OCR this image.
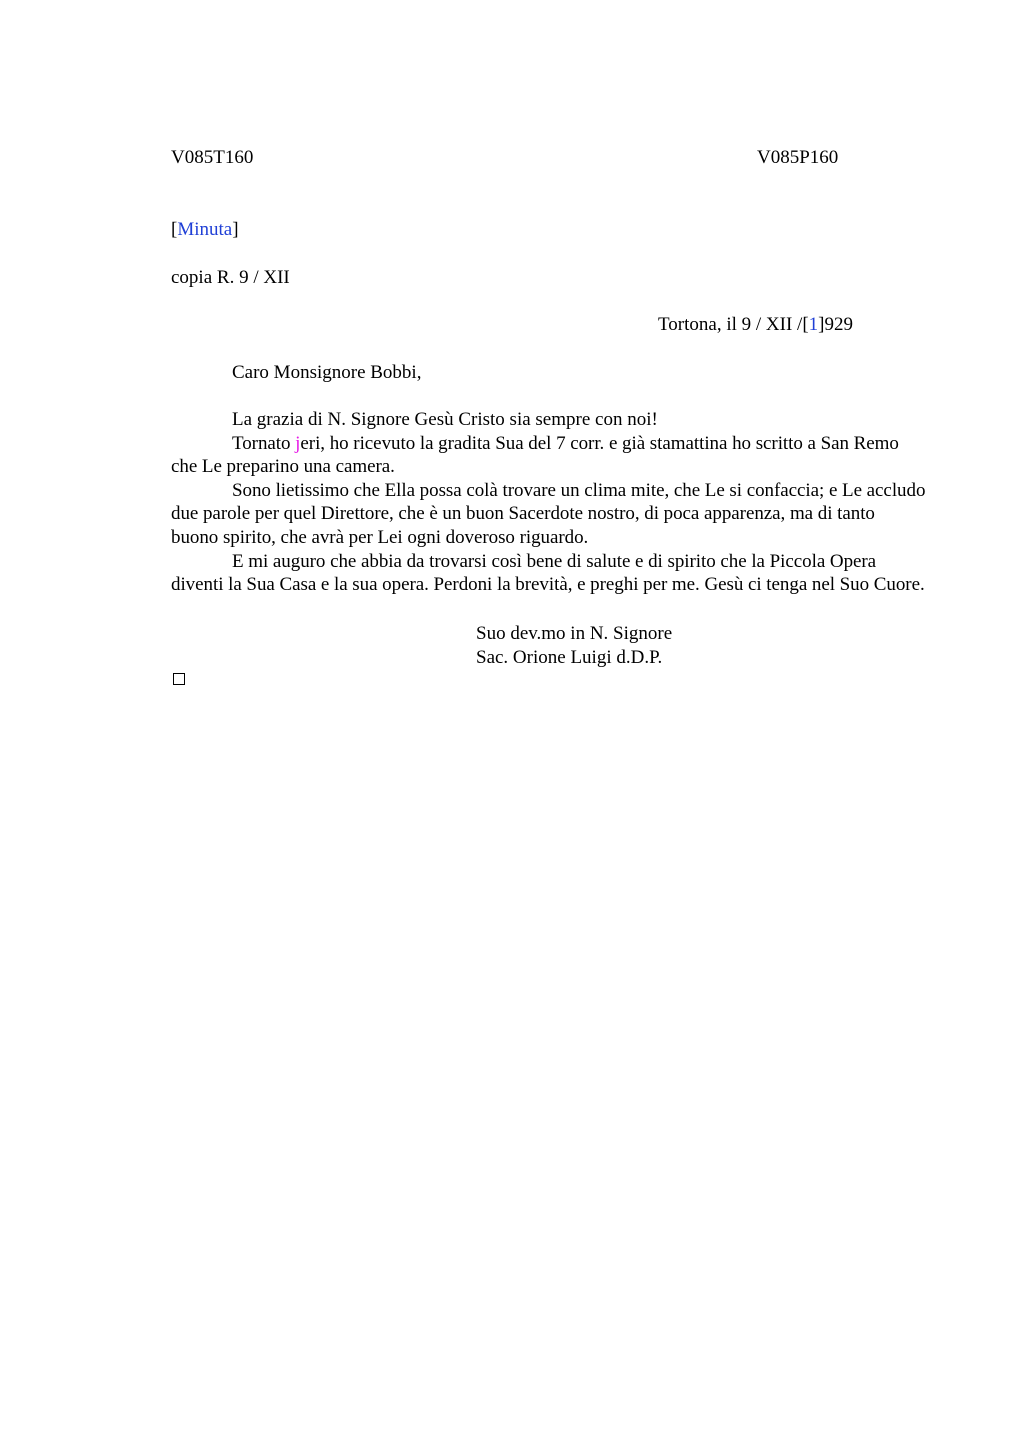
V085T160	V085P160
[Minuta]
copia R. 9 / XII
Tortona, il 9 / XII /[1]929
Caro Monsignore Bobbi,

La grazia di N. Signore Gesù Cristo sia sempre con noi!

Tornato jeri, ho ricevuto la gradita Sua del 7 corr. e già stamattina ho scritto a San Remo che Le preparino una camera.

Sono lietissimo che Ella possa colà trovare un clima mite, che Le si confaccia; e Le accludo due parole per quel Direttore, che è un buon Sacerdote nostro, di poca apparenza, ma di tanto buono spirito, che avrà per Lei ogni doveroso riguardo.

E mi auguro che abbia da trovarsi così bene di salute e di spirito che la Piccola Opera diventi la Sua Casa e la sua opera. Perdoni la brevità, e preghi per me. Gesù ci tenga nel Suo Cuore.

Suo dev.mo in N. Signore
Sac. Orione Luigi d.D.P.
